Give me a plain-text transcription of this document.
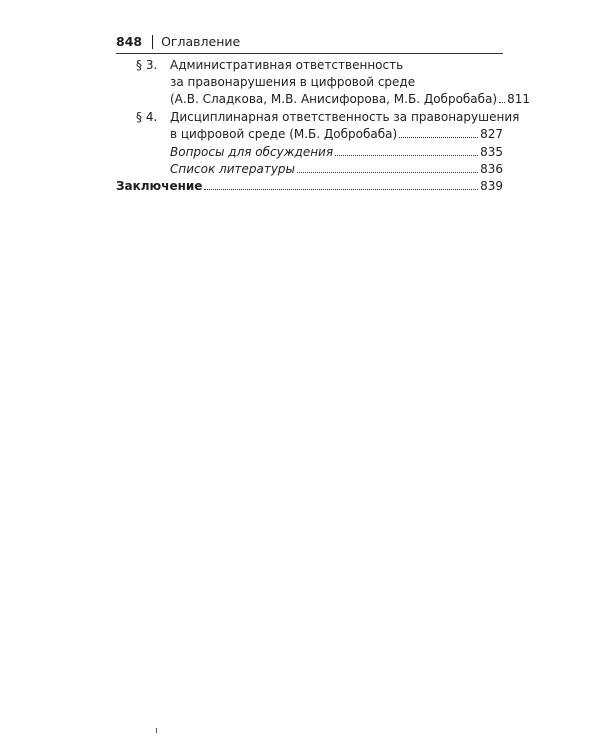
848 Оглавление
§ 3.	Административная ответственность
за правонарушения в цифровой среде
(А.В. Сладкова, М.В. Анисифорова, М.Б. Добробаба) 811
§ 4.	Дисциплинарная ответственность за правонарушения
в цифровой среде (М.Б. Добробаба)	827
Вопросы для обсуждения	835
Список литературы	836
Заключение	839
